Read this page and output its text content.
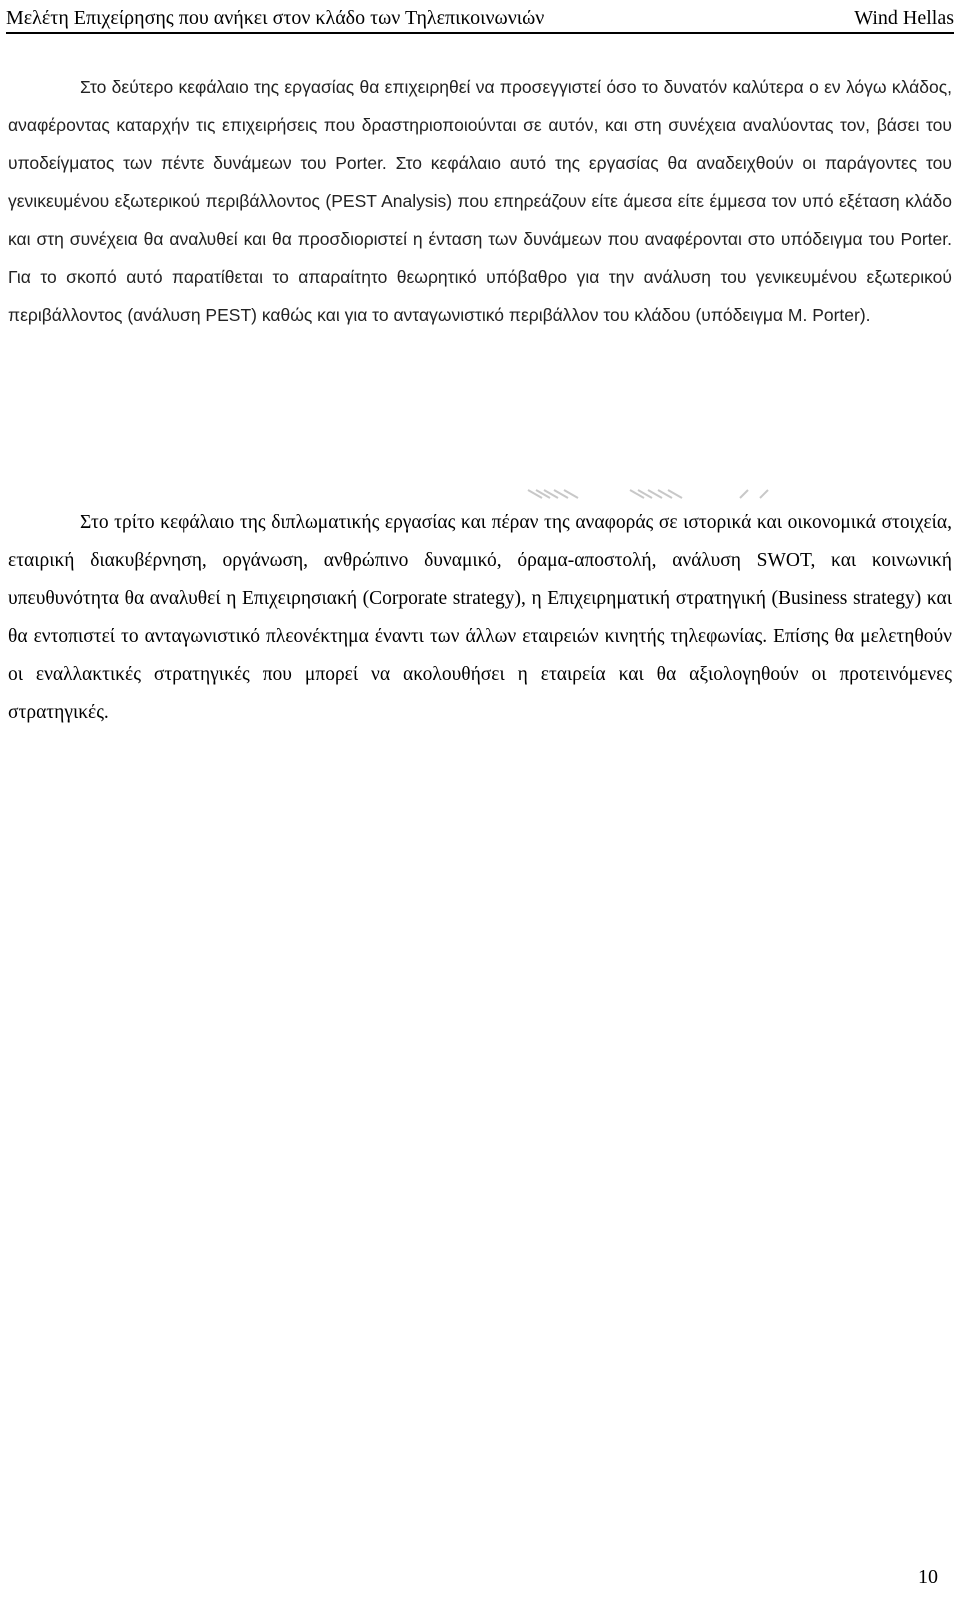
Μελέτη Επιχείρησης που ανήκει στον κλάδο των Τηλεπικοινωνιών	Wind Hellas

Στο δεύτερο κεφάλαιο της εργασίας θα επιχειρηθεί να προσεγγιστεί όσο το δυνατόν καλύτερα ο εν λόγω κλάδος, αναφέροντας καταρχήν τις επιχειρήσεις που δραστηριοποιούνται σε αυτόν, και στη συνέχεια αναλύοντας τον, βάσει του υποδείγματος των πέντε δυνάμεων του Porter. Στο κεφάλαιο αυτό της εργασίας θα αναδειχθούν οι παράγοντες του γενικευμένου εξωτερικού περιβάλλοντος (PEST Analysis) που επηρεάζουν είτε άμεσα είτε έμμεσα τον υπό εξέταση κλάδο και στη συνέχεια θα αναλυθεί και θα προσδιοριστεί η ένταση των δυνάμεων που αναφέρονται στο υπόδειγμα του Porter. Για το σκοπό αυτό παρατίθεται το απαραίτητο θεωρητικό υπόβαθρο για την ανάλυση του γενικευμένου εξωτερικού περιβάλλοντος (ανάλυση PEST) καθώς και για το ανταγωνιστικό περιβάλλον του κλάδου (υπόδειγμα M. Porter).

Στο τρίτο κεφάλαιο της διπλωματικής εργασίας και πέραν της αναφοράς σε ιστορικά και οικονομικά στοιχεία, εταιρική διακυβέρνηση, οργάνωση, ανθρώπινο δυναμικό, όραμα-αποστολή, ανάλυση SWOT, και κοινωνική υπευθυνότητα θα αναλυθεί η Επιχειρησιακή (Corporate strategy), η Επιχειρηματική στρατηγική (Business strategy) και θα εντοπιστεί το ανταγωνιστικό πλεονέκτημα έναντι των άλλων εταιρειών κινητής τηλεφωνίας. Επίσης θα μελετηθούν οι εναλλακτικές στρατηγικές που μπορεί να ακολουθήσει η εταιρεία και θα αξιολογηθούν οι προτεινόμενες στρατηγικές.

10
